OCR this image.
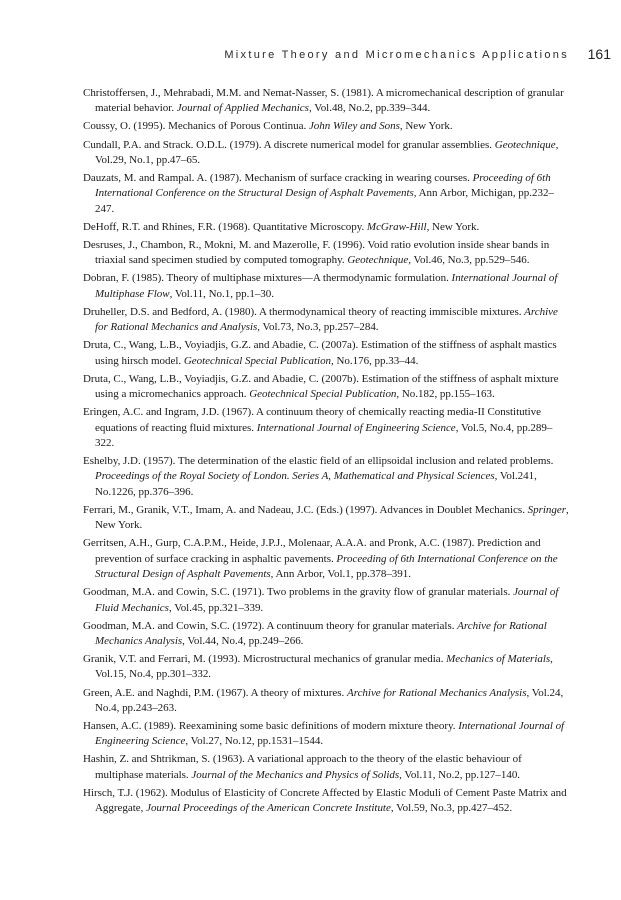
Mixture Theory and Micromechanics Applications 161
Christoffersen, J., Mehrabadi, M.M. and Nemat-Nasser, S. (1981). A micromechanical description of granular material behavior. Journal of Applied Mechanics, Vol.48, No.2, pp.339–344.
Coussy, O. (1995). Mechanics of Porous Continua. John Wiley and Sons, New York.
Cundall, P.A. and Strack. O.D.L. (1979). A discrete numerical model for granular assemblies. Geotechnique, Vol.29, No.1, pp.47–65.
Dauzats, M. and Rampal. A. (1987). Mechanism of surface cracking in wearing courses. Proceeding of 6th International Conference on the Structural Design of Asphalt Pavements, Ann Arbor, Michigan, pp.232–247.
DeHoff, R.T. and Rhines, F.R. (1968). Quantitative Microscopy. McGraw-Hill, New York.
Desruses, J., Chambon, R., Mokni, M. and Mazerolle, F. (1996). Void ratio evolution inside shear bands in triaxial sand specimen studied by computed tomography. Geotechnique, Vol.46, No.3, pp.529–546.
Dobran, F. (1985). Theory of multiphase mixtures—A thermodynamic formulation. International Journal of Multiphase Flow, Vol.11, No.1, pp.1–30.
Druheller, D.S. and Bedford, A. (1980). A thermodynamical theory of reacting immiscible mixtures. Archive for Rational Mechanics and Analysis, Vol.73, No.3, pp.257–284.
Druta, C., Wang, L.B., Voyiadjis, G.Z. and Abadie, C. (2007a). Estimation of the stiffness of asphalt mastics using hirsch model. Geotechnical Special Publication, No.176, pp.33–44.
Druta, C., Wang, L.B., Voyiadjis, G.Z. and Abadie, C. (2007b). Estimation of the stiffness of asphalt mixture using a micromechanics approach. Geotechnical Special Publication, No.182, pp.155–163.
Eringen, A.C. and Ingram, J.D. (1967). A continuum theory of chemically reacting media-II Constitutive equations of reacting fluid mixtures. International Journal of Engineering Science, Vol.5, No.4, pp.289–322.
Eshelby, J.D. (1957). The determination of the elastic field of an ellipsoidal inclusion and related problems. Proceedings of the Royal Society of London. Series A, Mathematical and Physical Sciences, Vol.241, No.1226, pp.376–396.
Ferrari, M., Granik, V.T., Imam, A. and Nadeau, J.C. (Eds.) (1997). Advances in Doublet Mechanics. Springer, New York.
Gerritsen, A.H., Gurp, C.A.P.M., Heide, J.P.J., Molenaar, A.A.A. and Pronk, A.C. (1987). Prediction and prevention of surface cracking in asphaltic pavements. Proceeding of 6th International Conference on the Structural Design of Asphalt Pavements, Ann Arbor, Vol.1, pp.378–391.
Goodman, M.A. and Cowin, S.C. (1971). Two problems in the gravity flow of granular materials. Journal of Fluid Mechanics, Vol.45, pp.321–339.
Goodman, M.A. and Cowin, S.C. (1972). A continuum theory for granular materials. Archive for Rational Mechanics Analysis, Vol.44, No.4, pp.249–266.
Granik, V.T. and Ferrari, M. (1993). Microstructural mechanics of granular media. Mechanics of Materials, Vol.15, No.4, pp.301–332.
Green, A.E. and Naghdi, P.M. (1967). A theory of mixtures. Archive for Rational Mechanics Analysis, Vol.24, No.4, pp.243–263.
Hansen, A.C. (1989). Reexamining some basic definitions of modern mixture theory. International Journal of Engineering Science, Vol.27, No.12, pp.1531–1544.
Hashin, Z. and Shtrikman, S. (1963). A variational approach to the theory of the elastic behaviour of multiphase materials. Journal of the Mechanics and Physics of Solids, Vol.11, No.2, pp.127–140.
Hirsch, T.J. (1962). Modulus of Elasticity of Concrete Affected by Elastic Moduli of Cement Paste Matrix and Aggregate, Journal Proceedings of the American Concrete Institute, Vol.59, No.3, pp.427–452.
